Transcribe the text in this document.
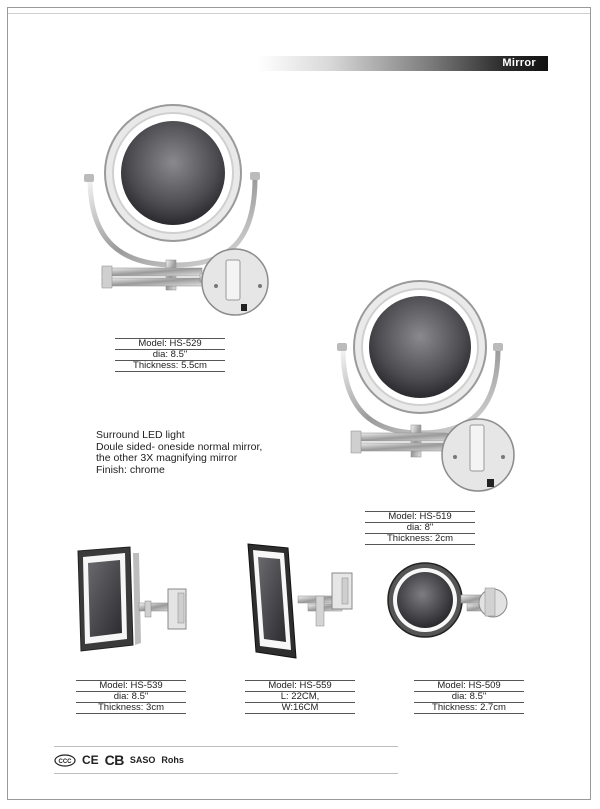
Mirror
Model: HS-529
dia: 8.5"
Thickness: 5.5cm
Model: HS-519
dia: 8"
Thickness: 2cm
Surround LED light
Doule sided- oneside normal mirror,
the other 3X magnifying mirror
Finish: chrome
Model: HS-539
dia: 8.5"
Thickness: 3cm
Model: HS-559
L: 22CM,
W:16CM
Model: HS-509
dia: 8.5"
Thickness: 2.7cm
CCC CE CB SASO Rohs
